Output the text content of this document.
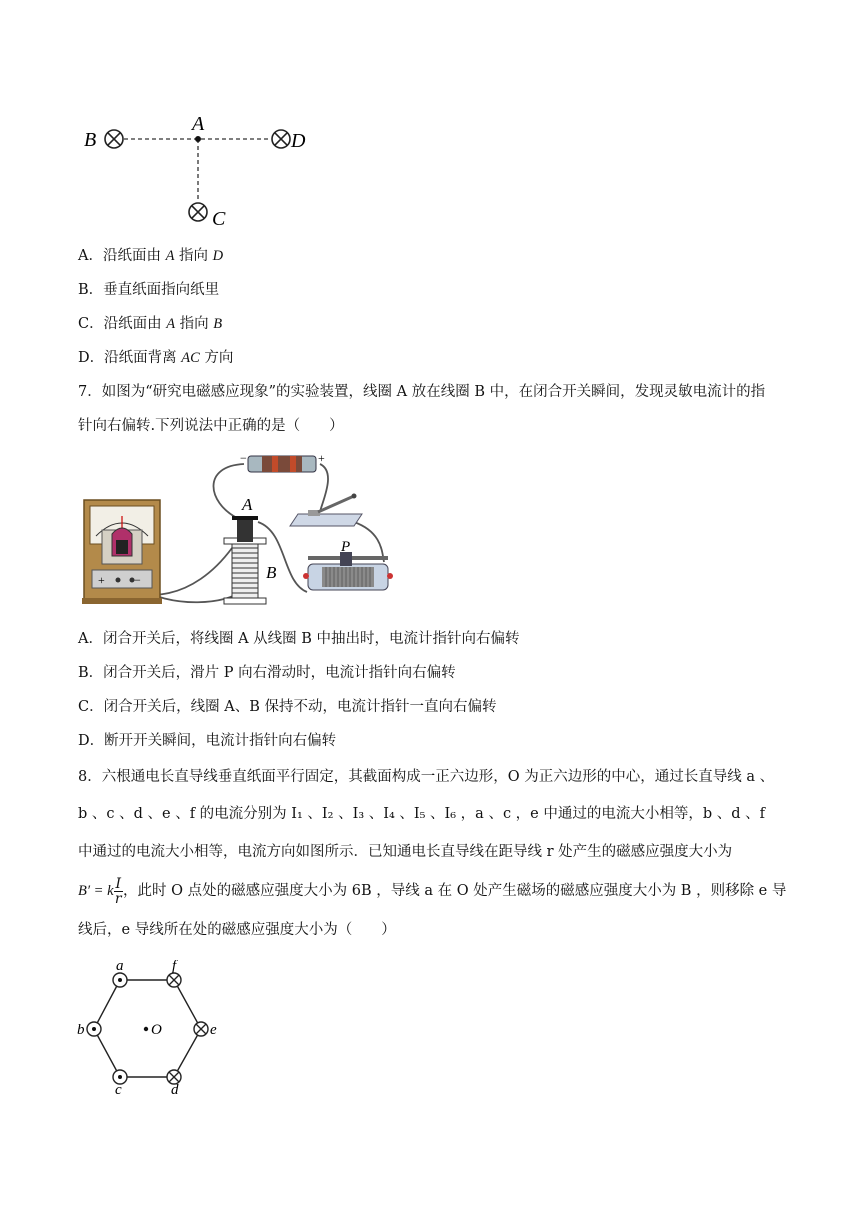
B
A
D
C
A．沿纸面由 A 指向 D
B．垂直纸面指向纸里
C．沿纸面由 A 指向 B
D．沿纸面背离 AC 方向
7．如图为“研究电磁感应现象”的实验装置，线圈 A 放在线圈 B 中，在闭合开关瞬间，发现灵敏电流计的指
针向右偏转.下列说法中正确的是（　　）
+ −
A
B
−	+
P
A．闭合开关后，将线圈 A 从线圈 B 中抽出时，电流计指针向右偏转
B．闭合开关后，滑片 P 向右滑动时，电流计指针向右偏转
C．闭合开关后，线圈 A、B 保持不动，电流计指针一直向右偏转
D．断开开关瞬间，电流计指针向右偏转
8．六根通电长直导线垂直纸面平行固定，其截面构成一正六边形，O 为正六边形的中心，通过长直导线 a 、
b 、c 、d 、e 、f 的电流分别为 I₁ 、I₂ 、I₃ 、I₄ 、I₅ 、I₆ ，a 、c ，e 中通过的电流大小相等，b 、d 、f
中通过的电流大小相等，电流方向如图所示．已知通电长直导线在距导线 r 处产生的磁感应强度大小为
B′ = k $\frac{I}{r}$ ，此时 O 点处的磁感应强度大小为 6B ，导线 a 在 O 处产生磁场的磁感应强度大小为 B ，则移除 e 导
线后，e 导线所在处的磁感应强度大小为（　　）
O
a	f
b	e
c	d
